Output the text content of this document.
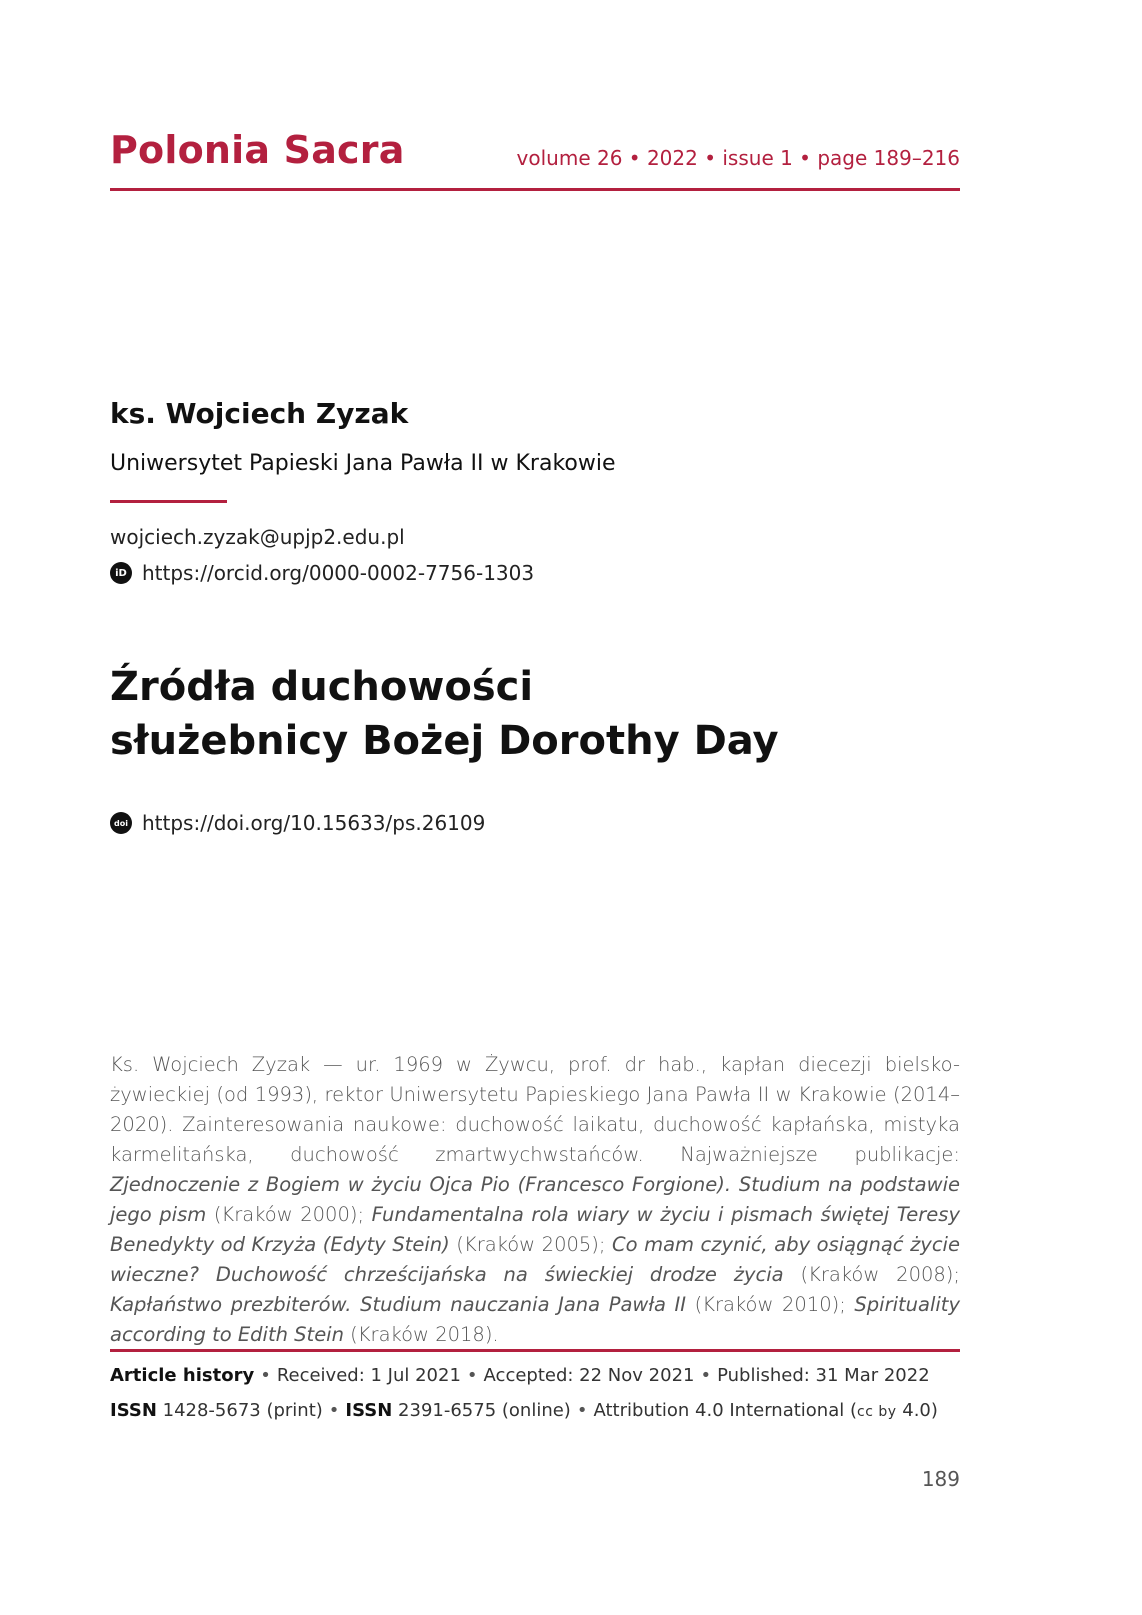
Polonia Sacra	volume 26 • 2022 • issue 1 • page 189–216
ks. Wojciech Zyzak
Uniwersytet Papieski Jana Pawła II w Krakowie
wojciech.zyzak@upjp2.edu.pl
iD https://orcid.org/0000-0002-7756-1303
Źródła duchowości
służebnicy Bożej Dorothy Day
doi https://doi.org/10.15633/ps.26109
Ks. Wojciech Zyzak — ur. 1969 w Żywcu, prof. dr hab., kapłan diecezji bielsko-żywieckiej (od 1993), rektor Uniwersytetu Papieskiego Jana Pawła II w Krakowie (2014–2020). Zainteresowania naukowe: duchowość laikatu, duchowość kapłańska, mistyka karmelitańska, duchowość zmartwychwstańców. Najważniejsze publikacje: Zjednoczenie z Bogiem w życiu Ojca Pio (Francesco Forgione). Studium na podstawie jego pism (Kraków 2000); Fundamentalna rola wiary w życiu i pismach świętej Teresy Benedykty od Krzyża (Edyty Stein) (Kraków 2005); Co mam czynić, aby osiągnąć życie wieczne? Duchowość chrześcijańska na świeckiej drodze życia (Kraków 2008); Kapłaństwo prezbiterów. Studium nauczania Jana Pawła II (Kraków 2010); Spirituality according to Edith Stein (Kraków 2018).
Article history • Received: 1 Jul 2021 • Accepted: 22 Nov 2021 • Published: 31 Mar 2022
ISSN 1428-5673 (print) • ISSN 2391-6575 (online) • Attribution 4.0 International (cc by 4.0)
189
